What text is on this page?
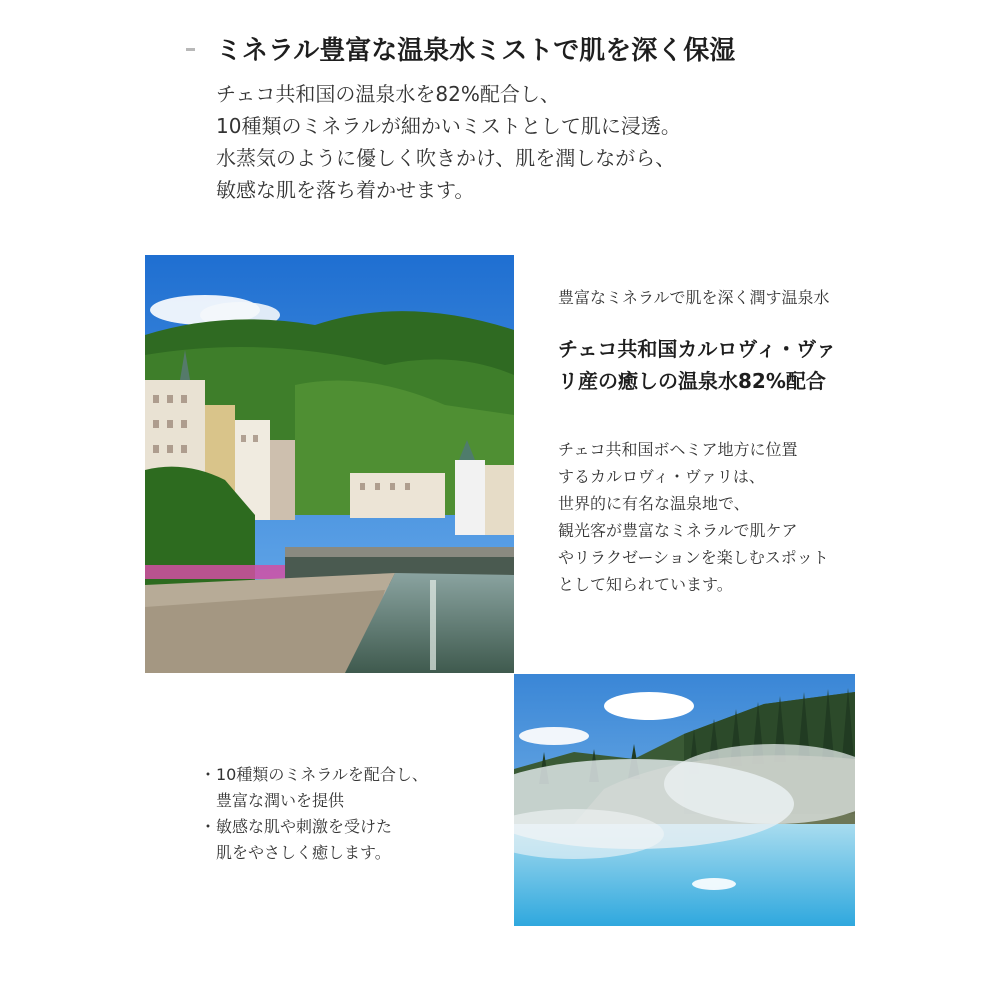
ミネラル豊富な温泉水ミストで肌を深く保湿
チェコ共和国の温泉水を82%配合し、
10種類のミネラルが細かいミストとして肌に浸透。
水蒸気のように優しく吹きかけ、肌を潤しながら、
敏感な肌を落ち着かせます。
豊富なミネラルで肌を深く潤す温泉水
チェコ共和国カルロヴィ・ヴァ
リ産の癒しの温泉水82%配合
チェコ共和国ボヘミア地方に位置
するカルロヴィ・ヴァリは、
世界的に有名な温泉地で、
観光客が豊富なミネラルで肌ケア
やリラクゼーションを楽しむスポット
として知られています。
・ 10種類のミネラルを配合し、
豊富な潤いを提供
・ 敏感な肌や刺激を受けた
肌をやさしく癒します。
